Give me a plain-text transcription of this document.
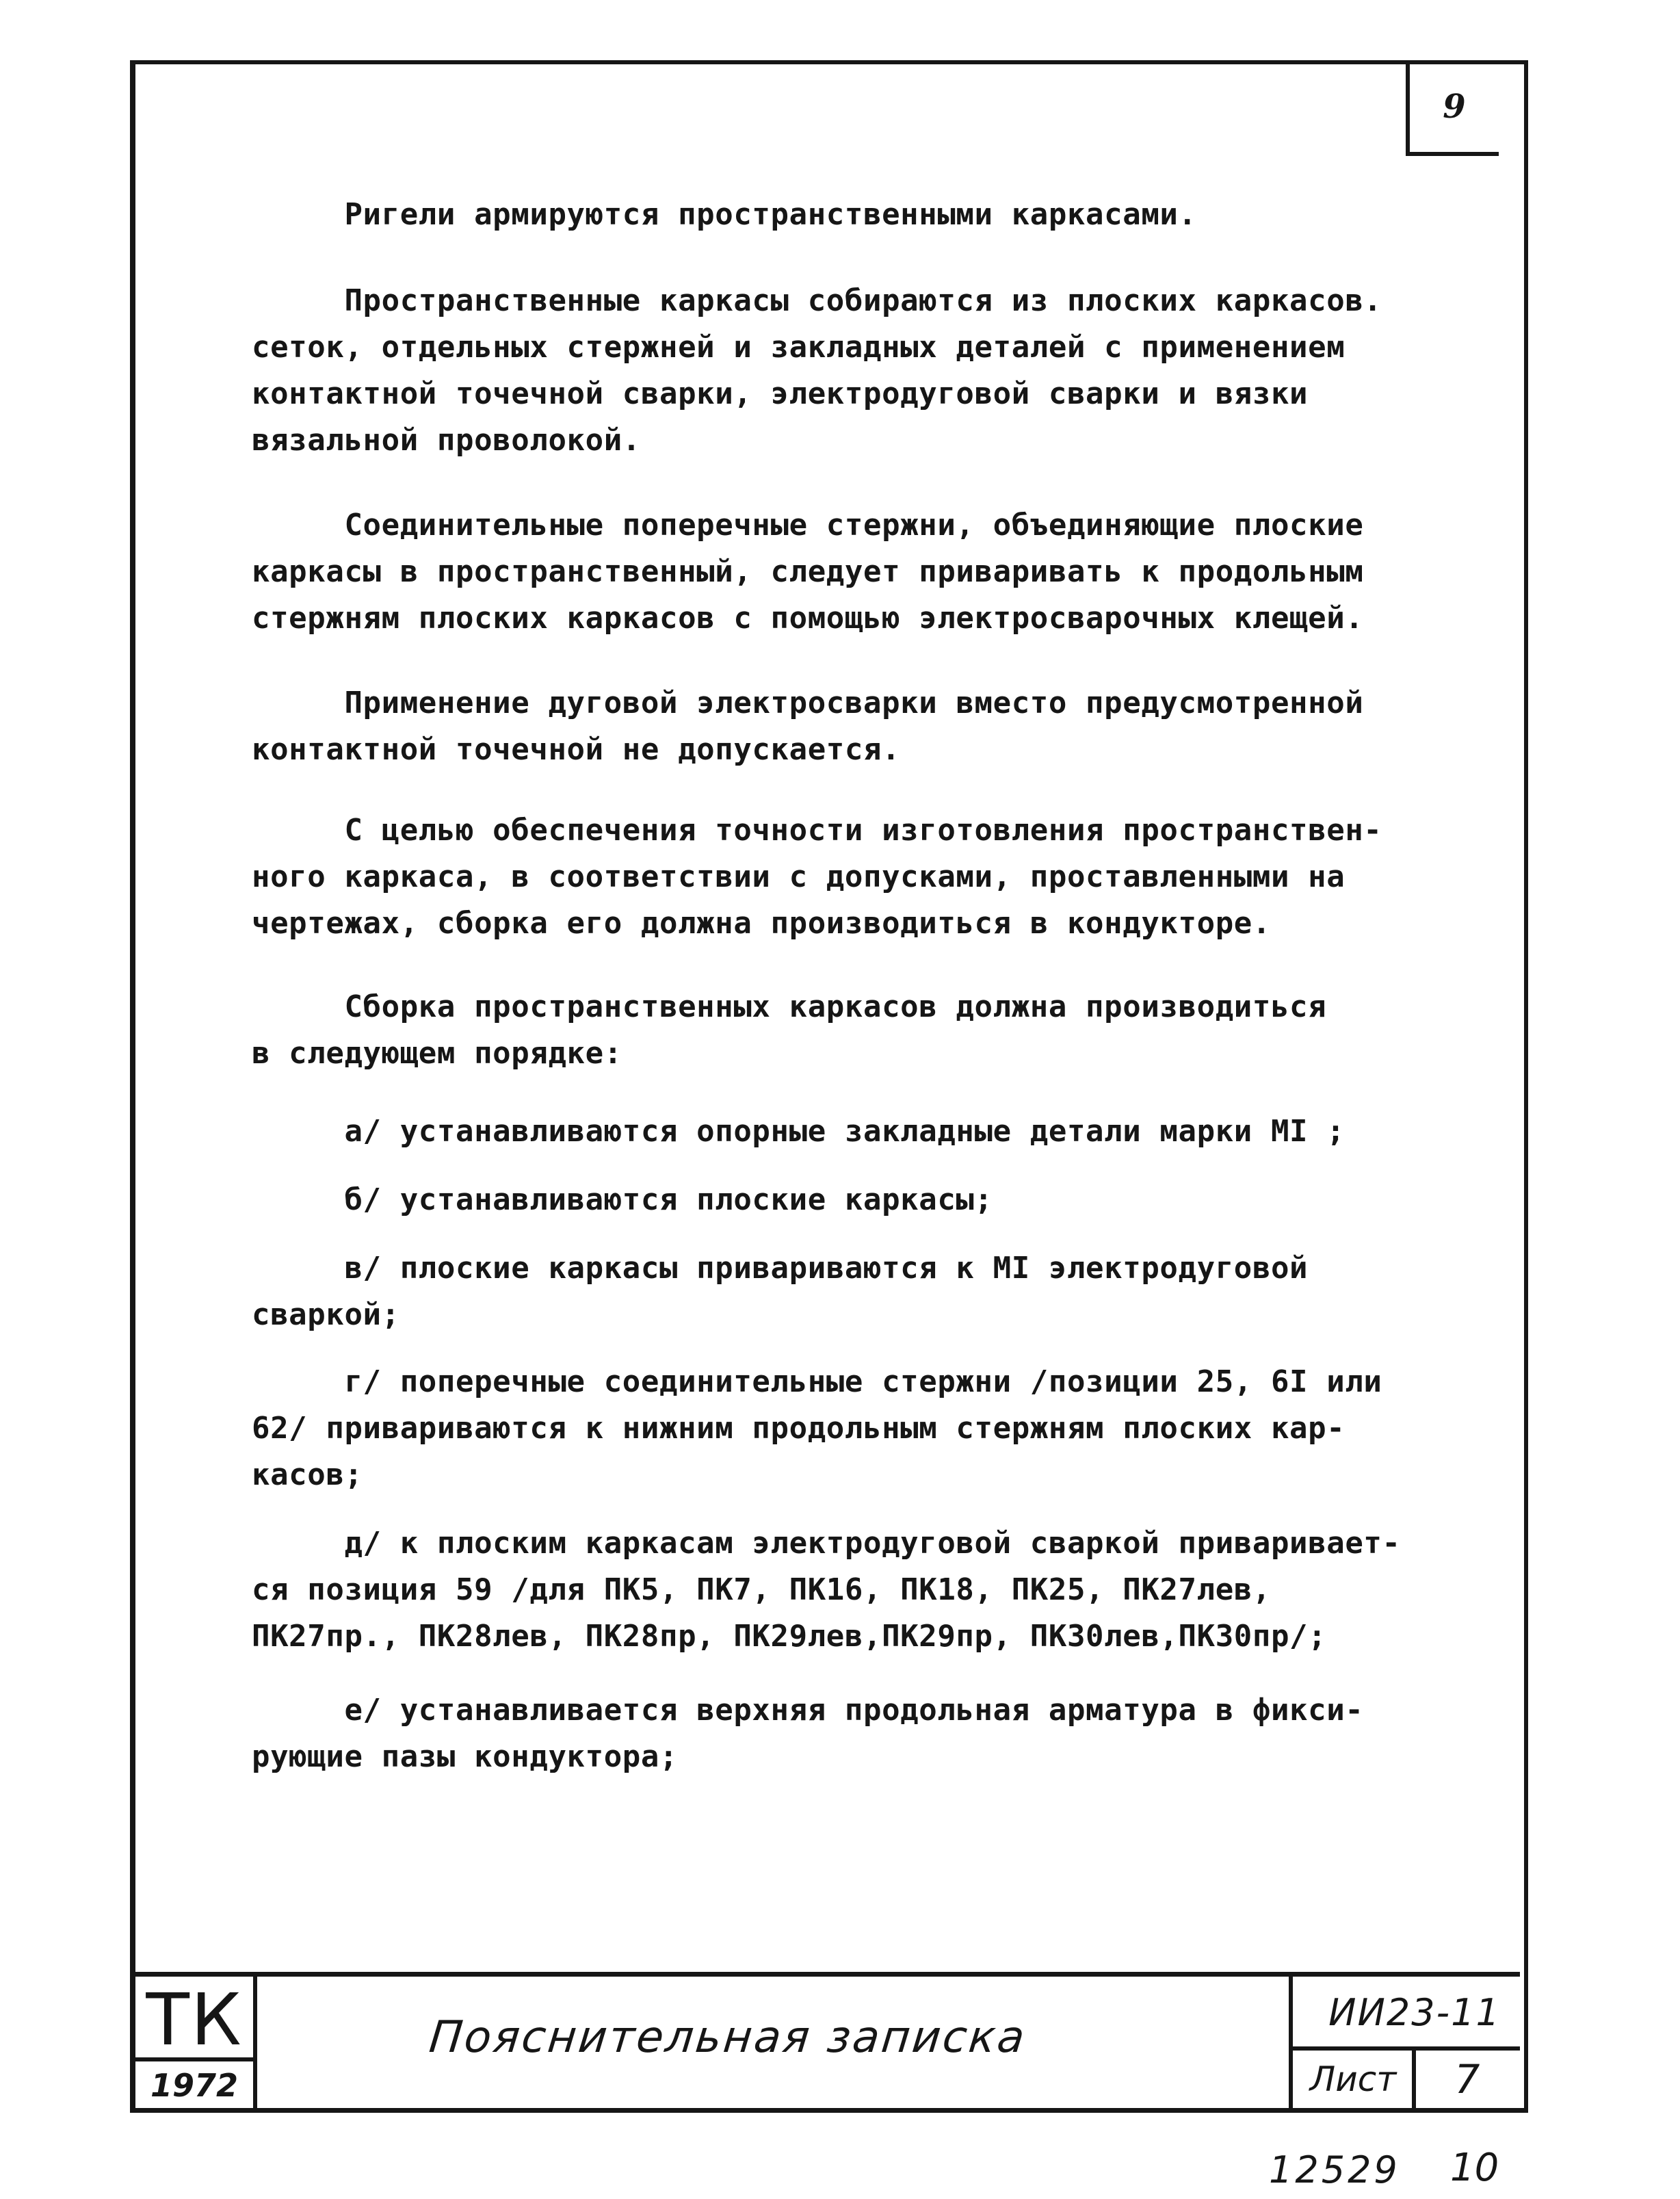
9
Ригели армируются пространственными каркасами.
Пространственные каркасы собираются из плоских каркасов.
сеток, отдельных стержней и закладных деталей с применением
контактной точечной сварки, электродуговой сварки и вязки
вязальной проволокой.
Соединительные поперечные стержни, объединяющие плоские
каркасы в пространственный, следует приваривать к продольным
стержням плоских каркасов с помощью электросварочных клещей.
Применение дуговой электросварки вместо предусмотренной
контактной точечной не допускается.
С целью обеспечения точности изготовления пространствен-
ного каркаса, в соответствии с допусками, проставленными на
чертежах, сборка его должна производиться в кондукторе.
Сборка пространственных каркасов должна производиться
в следующем порядке:
а/ устанавливаются опорные закладные детали марки МI ;
б/ устанавливаются плоские каркасы;
в/ плоские каркасы привариваются к МI электродуговой
сваркой;
г/ поперечные соединительные стержни /позиции 25, 6I или
62/ привариваются к нижним продольным стержням плоских кар-
касов;
д/ к плоским каркасам электродуговой сваркой приваривает-
ся позиция 59 /для ПК5, ПК7, ПК16, ПК18, ПК25, ПК27лев,
ПК27пр., ПК28лев, ПК28пр, ПК29лев,ПК29пр, ПК30лев,ПК30пр/;
е/ устанавливается верхняя продольная арматура в фикси-
рующие пазы кондуктора;
ТК
1972
Пояснительная записка	ИИ23-11
Лист	7
12529 10
